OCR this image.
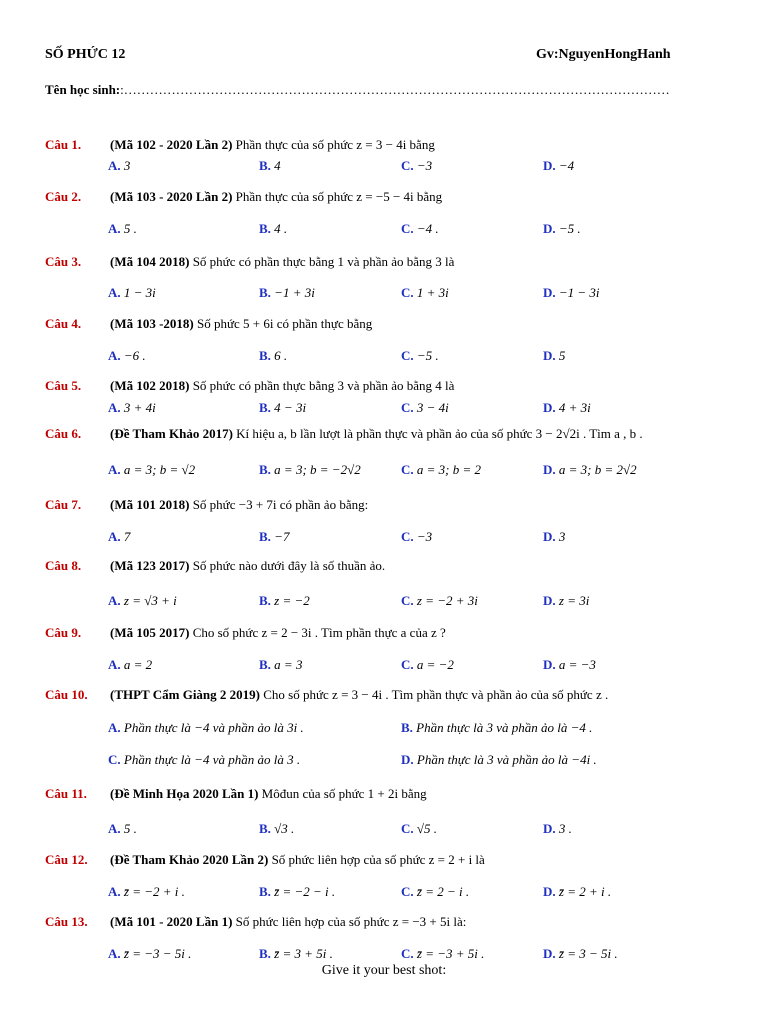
SỐ PHỨC 12	Gv:NguyenHongHanh
Tên học sinh::………………………………………………………………………………………………………………
Câu 1. (Mã 102 - 2020 Lần 2) Phần thực của số phức z = 3 − 4i bằng
A. 3	B. 4	C. −3	D. −4
Câu 2. (Mã 103 - 2020 Lần 2) Phần thực của số phức z = −5 − 4i bằng
A. 5 .	B. 4 .	C. −4 .	D. −5 .
Câu 3. (Mã 104 2018) Số phức có phần thực bằng 1 và phần ảo bằng 3 là
A. 1 − 3i	B. −1 + 3i	C. 1 + 3i	D. −1 − 3i
Câu 4. (Mã 103 -2018) Số phức 5 + 6i có phần thực bằng
A. −6 .	B. 6 .	C. −5 .	D. 5
Câu 5. (Mã 102 2018) Số phức có phần thực bằng 3 và phần ảo bằng 4 là
A. 3 + 4i	B. 4 − 3i	C. 3 − 4i	D. 4 + 3i
Câu 6. (Đề Tham Khảo 2017) Kí hiệu a, b lần lượt là phần thực và phần ảo của số phức 3 − 2√2i . Tìm a , b .
A. a = 3; b = √2	B. a = 3; b = −2√2	C. a = 3; b = 2	D. a = 3; b = 2√2
Câu 7. (Mã 101 2018) Số phức −3 + 7i có phần ảo bằng:
A. 7	B. −7	C. −3	D. 3
Câu 8. (Mã 123 2017) Số phức nào dưới đây là số thuần ảo.
A. z = √3 + i	B. z = −2	C. z = −2 + 3i	D. z = 3i
Câu 9. (Mã 105 2017) Cho số phức z = 2 − 3i . Tìm phần thực a của z ?
A. a = 2	B. a = 3	C. a = −2	D. a = −3
Câu 10. (THPT Cẩm Giàng 2 2019) Cho số phức z = 3 − 4i . Tìm phần thực và phần ảo của số phức z .
A. Phần thực là −4 và phần ảo là 3i .	B. Phần thực là 3 và phần ảo là −4 .
C. Phần thực là −4 và phần ảo là 3 .	D. Phần thực là 3 và phần ảo là −4i .
Câu 11. (Đề Minh Họa 2020 Lần 1) Môđun của số phức 1 + 2i bằng
A. 5 .	B. √3 .	C. √5 .	D. 3 .
Câu 12. (Đề Tham Khảo 2020 Lần 2) Số phức liên hợp của số phức z = 2 + i là
A. z̄ = −2 + i .	B. z̄ = −2 − i .	C. z̄ = 2 − i .	D. z̄ = 2 + i .
Câu 13. (Mã 101 - 2020 Lần 1) Số phức liên hợp của số phức z = −3 + 5i là:
A. z̄ = −3 − 5i .	B. z̄ = 3 + 5i .	C. z̄ = −3 + 5i .	D. z̄ = 3 − 5i .
Give it your best shot:
